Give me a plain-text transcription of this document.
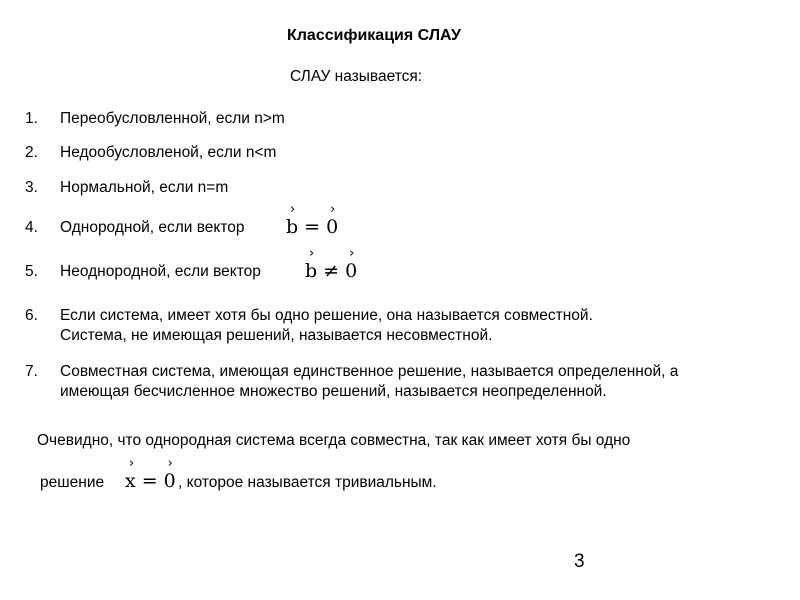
Классификация СЛАУ
СЛАУ называется:
1. Переобусловленной, если n>m
2. Недообусловленой, если n<m
3. Нормальной, если n=m
4. Однородной, если вектор
›
b =
›
0
5. Неоднородной, если вектор
›
b ≠
›
0
6. Если система, имеет хотя бы одно решение, она называется совместной.
Система, не имеющая решений, называется несовместной.
7. Совместная система, имеющая единственное решение, называется определенной, а
имеющая бесчисленное множество решений, называется неопределенной.
Очевидно, что однородная система всегда совместна, так как имеет хотя бы одно
решение
›
x =
›
0 , которое называется тривиальным.
3
